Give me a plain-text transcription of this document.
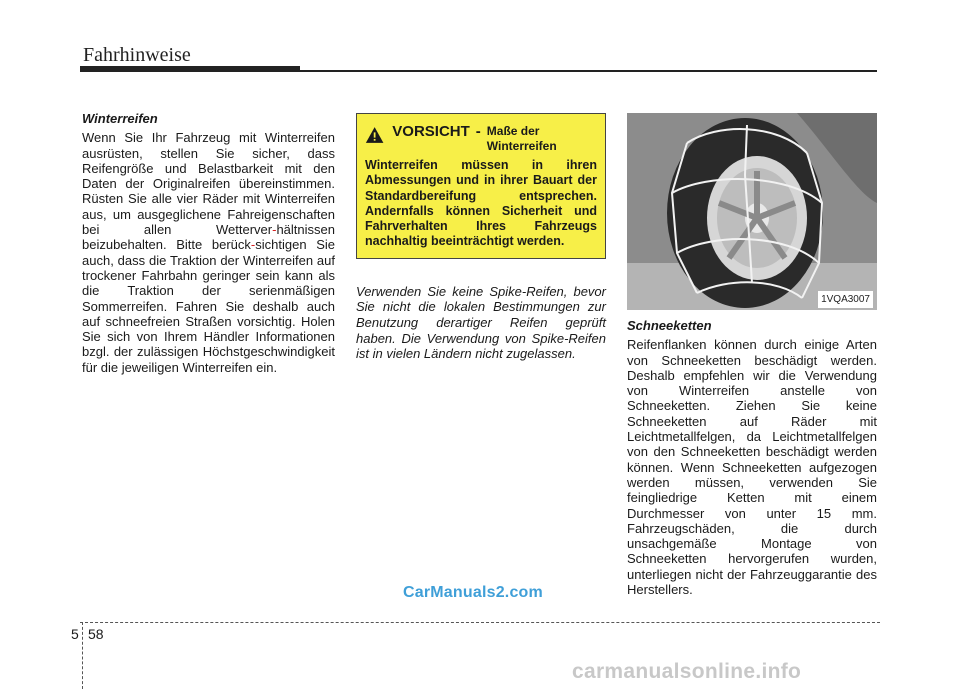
Fahrhinweise
Winterreifen

Wenn Sie Ihr Fahrzeug mit Winterreifen ausrüsten, stellen Sie sicher, dass Reifengröße und Belastbarkeit mit den Daten der Originalreifen übereinstimmen. Rüsten Sie alle vier Räder mit Winterreifen aus, um ausgeglichene Fahreigenschaften bei allen Wetterver-hältnissen beizubehalten. Bitte berück-sichtigen Sie auch, dass die Traktion der Winterreifen auf trockener Fahrbahn geringer sein kann als die Traktion der serienmäßigen Sommerreifen. Fahren Sie deshalb auch auf schneefreien Straßen vorsichtig. Holen Sie sich von Ihrem Händler Informationen bzgl. der zulässigen Höchstgeschwindigkeit für die jeweiligen Winterreifen ein.

VORSICHT - Maße der Winterreifen
Winterreifen müssen in ihren Abmessungen und in ihrer Bauart der Standardbereifung entsprechen. Andernfalls können Sicherheit und Fahrverhalten Ihres Fahrzeugs nachhaltig beeinträchtigt werden.
Verwenden Sie keine Spike-Reifen, bevor Sie nicht die lokalen Bestimmungen zur Benutzung derartiger Reifen geprüft haben. Die Verwendung von Spike-Reifen ist in vielen Ländern nicht zugelassen.
1VQA3007
Schneeketten

Reifenflanken können durch einige Arten von Schneeketten beschädigt werden. Deshalb empfehlen wir die Verwendung von Winterreifen anstelle von Schneeketten. Ziehen Sie keine Schneeketten auf Räder mit Leichtmetallfelgen, da Leichtmetallfelgen von den Schneeketten beschädigt werden können. Wenn Schneeketten aufgezogen werden müssen, verwenden Sie feingliedrige Ketten mit einem Durchmesser von unter 15 mm. Fahrzeugschäden, die durch unsachgemäße Montage von Schneeketten hervorgerufen wurden, unterliegen nicht der Fahrzeuggarantie des Herstellers.

CarManuals2.com
5 58
carmanualsonline.info
